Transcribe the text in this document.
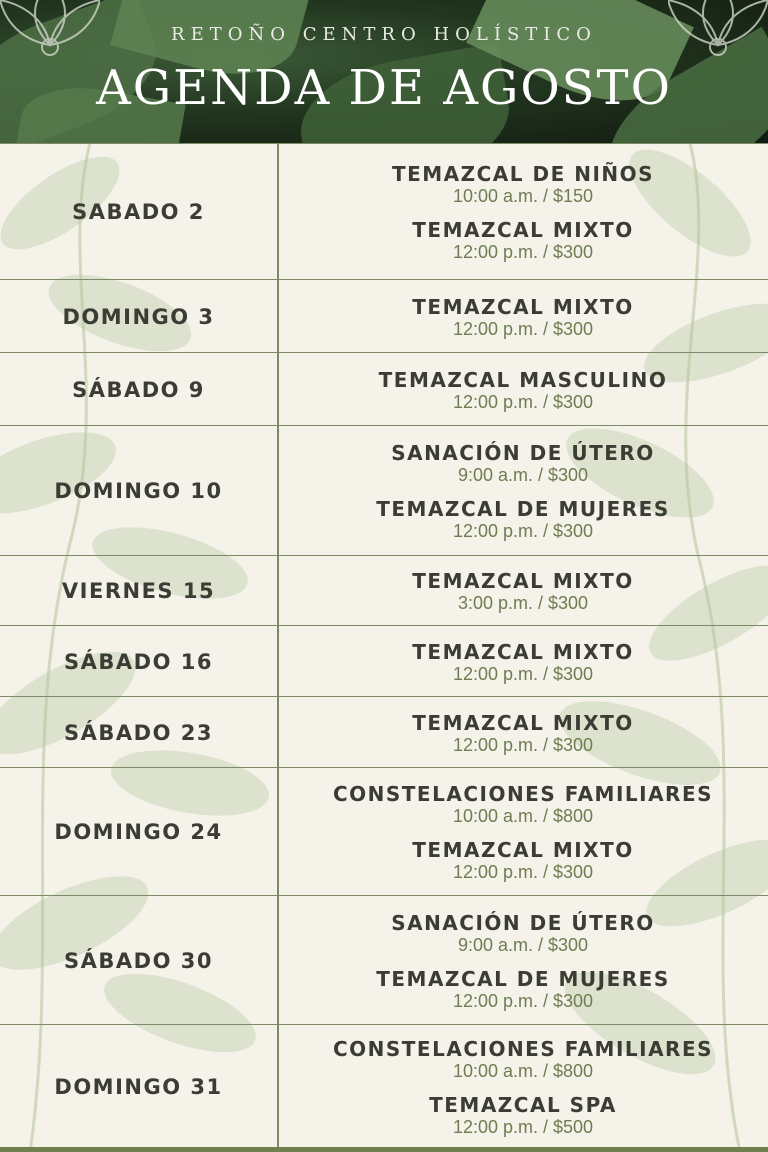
RETOÑO CENTRO HOLÍSTICO
AGENDA DE AGOSTO
SABADO 2
TEMAZCAL DE NIÑOS
10:00 a.m. / $150
TEMAZCAL MIXTO
12:00 p.m. / $300
DOMINGO 3	TEMAZCAL MIXTO
12:00 p.m. / $300
SÁBADO 9	TEMAZCAL MASCULINO
12:00 p.m. / $300
DOMINGO 10
SANACIÓN DE ÚTERO
9:00 a.m. / $300
TEMAZCAL DE MUJERES
12:00 p.m. / $300
VIERNES 15	TEMAZCAL MIXTO
3:00 p.m. / $300
SÁBADO 16	TEMAZCAL MIXTO
12:00 p.m. / $300
SÁBADO 23	TEMAZCAL MIXTO
12:00 p.m. / $300
DOMINGO 24
CONSTELACIONES FAMILIARES
10:00 a.m. / $800
TEMAZCAL MIXTO
12:00 p.m. / $300
SÁBADO 30
SANACIÓN DE ÚTERO
9:00 a.m. / $300
TEMAZCAL DE MUJERES
12:00 p.m. / $300
DOMINGO 31
CONSTELACIONES FAMILIARES
10:00 a.m. / $800
TEMAZCAL SPA
12:00 p.m. / $500
